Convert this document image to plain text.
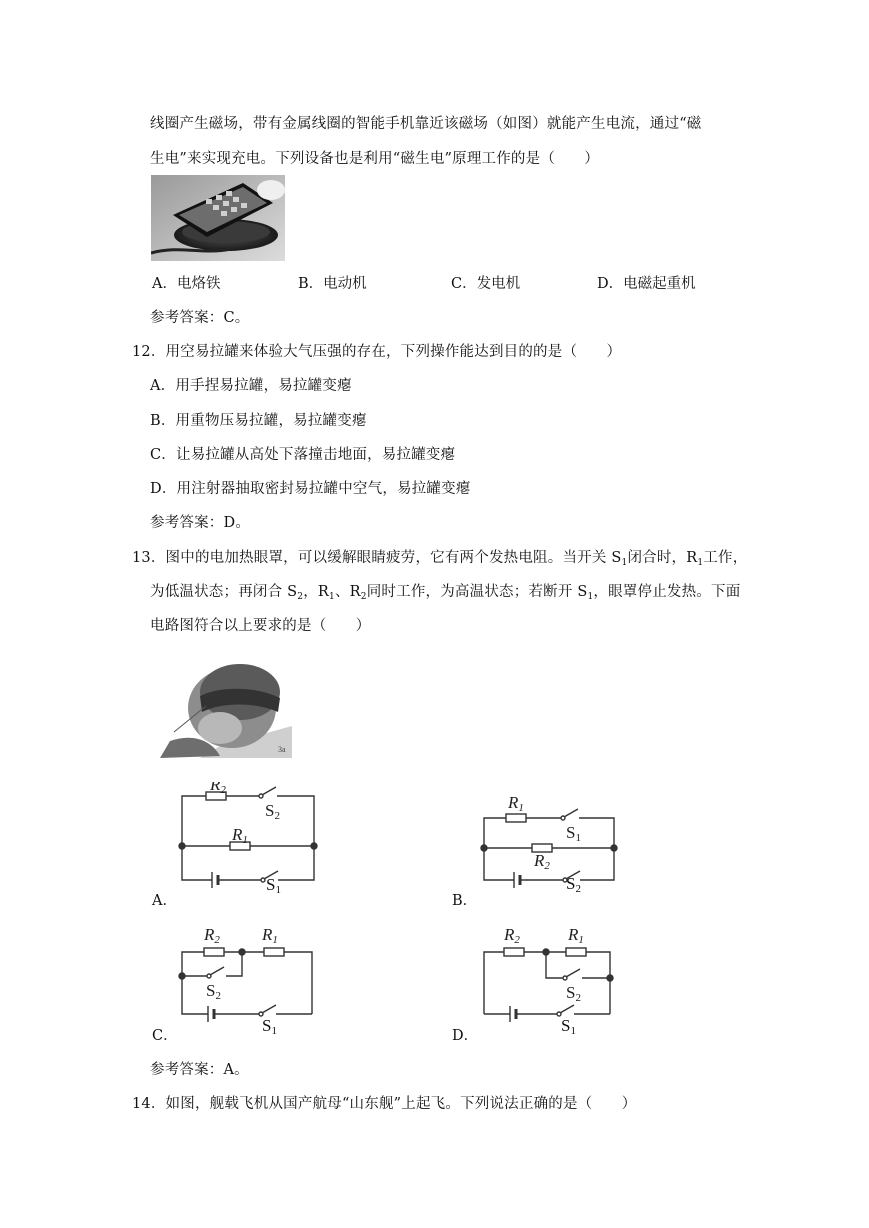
线圈产生磁场，带有金属线圈的智能手机靠近该磁场（如图）就能产生电流，通过“磁
生电”来实现充电。下列设备也是利用“磁生电”原理工作的是（　　）
A．电烙铁	B．电动机	C．发电机	D．电磁起重机
参考答案：C。
12．用空易拉罐来体验大气压强的存在，下列操作能达到目的的是（　　）
A．用手捏易拉罐，易拉罐变瘪
B．用重物压易拉罐，易拉罐变瘪
C．让易拉罐从高处下落撞击地面，易拉罐变瘪
D．用注射器抽取密封易拉罐中空气，易拉罐变瘪
参考答案：D。
13．图中的电加热眼罩，可以缓解眼睛疲劳，它有两个发热电阻。当开关 $S_1$闭合时，$R_1$工作，
为低温状态；再闭合 $S_2$，$R_1$、$R_2$同时工作，为高温状态；若断开 $S_1$，眼罩停止发热。下面
电路图符合以上要求的是（　　）
3a
R2
R1
S2
A．
S1
R1
R2
S1
B．
S2
R2 R1
S2
C．
S1
R2	R1
S2
D．
S1
参考答案：A。
14．如图，舰载飞机从国产航母“山东舰”上起飞。下列说法正确的是（　　）
